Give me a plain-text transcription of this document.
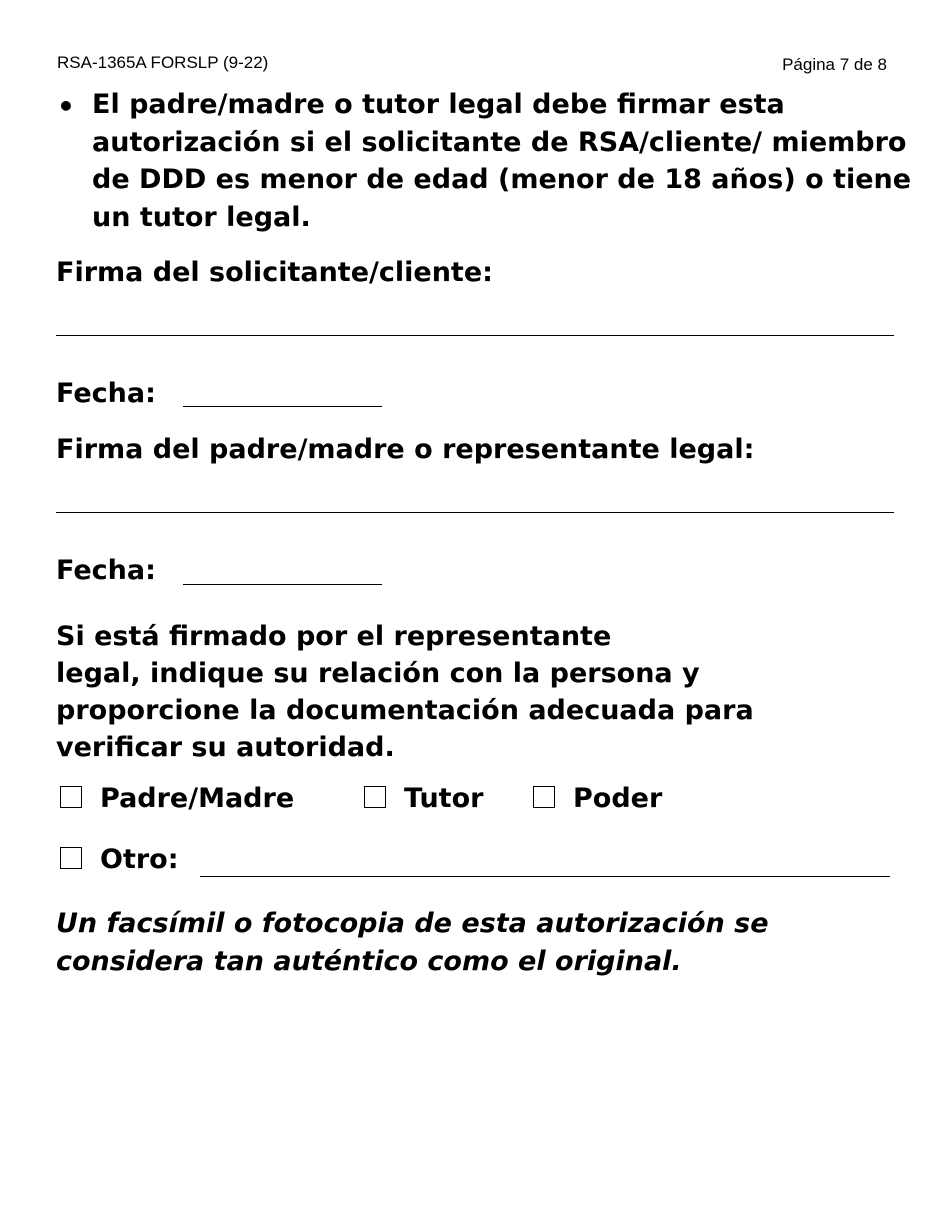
RSA-1365A FORSLP (9-22)	Página 7 de 8
• El padre/madre o tutor legal debe firmar esta autorización si el solicitante de RSA/cliente/ miembro de DDD es menor de edad (menor de 18 años) o tiene un tutor legal.
Firma del solicitante/cliente:
Fecha:
Firma del padre/madre o representante legal:
Fecha:
Si está firmado por el representante
legal, indique su relación con la persona y
proporcione la documentación adecuada para
verificar su autoridad.
Padre/Madre	Tutor	Poder
Otro:
Un facsímil o fotocopia de esta autorización se
considera tan auténtico como el original.
